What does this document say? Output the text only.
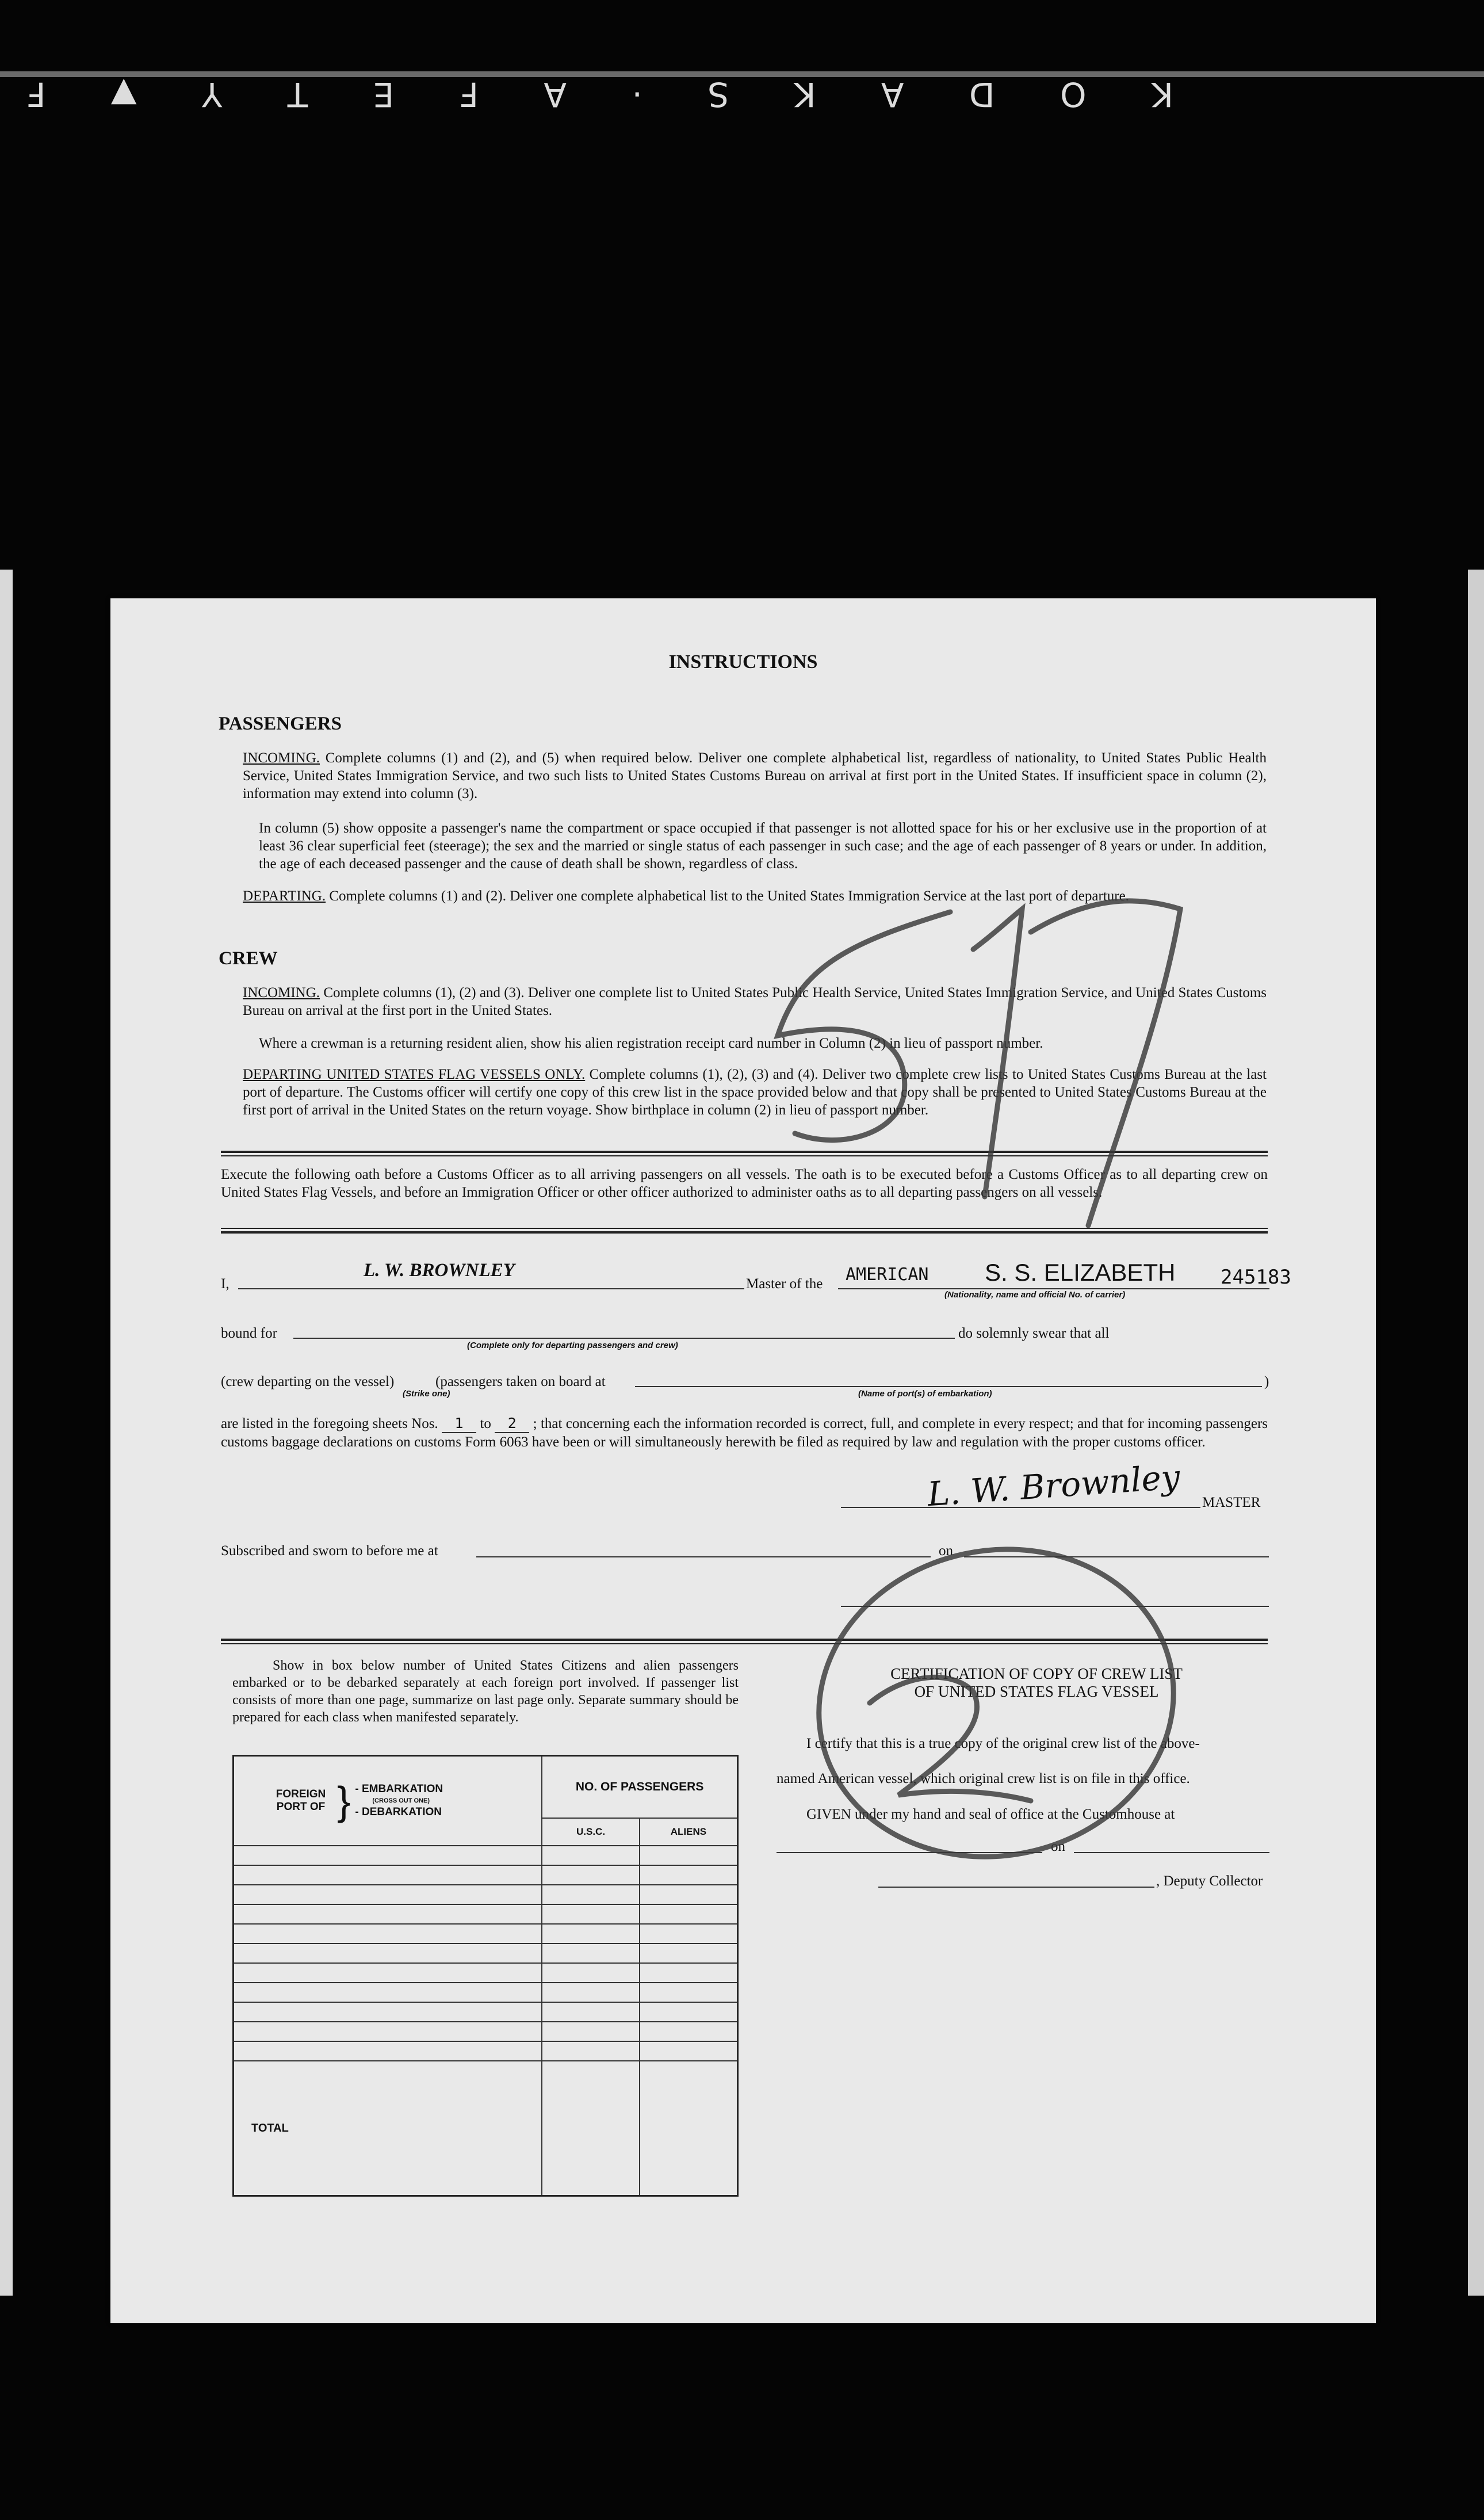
K
O
D
A
K
S
·
A
F
E
T
Y
▼
F
INSTRUCTIONS
PASSENGERS
INCOMING. Complete columns (1) and (2), and (5) when required below. Deliver one complete alphabetical list, regardless of nationality, to United States Public Health Service, United States Immigration Service, and two such lists to United States Customs Bureau on arrival at first port in the United States. If insufficient space in column (2), information may extend into column (3).
In column (5) show opposite a passenger's name the compartment or space occupied if that passenger is not allotted space for his or her exclusive use in the proportion of at least 36 clear superficial feet (steerage); the sex and the married or single status of each passenger in such case; and the age of each passenger of 8 years or under. In addition, the age of each deceased passenger and the cause of death shall be shown, regardless of class.
DEPARTING. Complete columns (1) and (2). Deliver one complete alphabetical list to the United States Immigration Service at the last port of departure.
CREW
INCOMING. Complete columns (1), (2) and (3). Deliver one complete list to United States Public Health Service, United States Immigration Service, and United States Customs Bureau on arrival at the first port in the United States.
Where a crewman is a returning resident alien, show his alien registration receipt card number in Column (2) in lieu of passport number.
DEPARTING UNITED STATES FLAG VESSELS ONLY. Complete columns (1), (2), (3) and (4). Deliver two complete crew lists to United States Customs Bureau at the last port of departure. The Customs officer will certify one copy of this crew list in the space provided below and that copy shall be presented to United States Customs Bureau at the first port of arrival in the United States on the return voyage. Show birthplace in column (2) in lieu of passport number.
Execute the following oath before a Customs Officer as to all arriving passengers on all vessels. The oath is to be executed before a Customs Officer as to all departing crew on United States Flag Vessels, and before an Immigration Officer or other officer authorized to administer oaths as to all departing passengers on all vessels.
I,
L. W. BROWNLEY
Master of the AMERICAN S. S. ELIZABETH 245183
(Nationality, name and official No. of carrier)
bound for
(Complete only for departing passengers and crew)
do solemnly swear that all
(crew departing on the vessel)	(passengers taken on board at	)
(Strike one)	(Name of port(s) of embarkation)
are listed in the foregoing sheets Nos. 1 to 2 ; that concerning each the information recorded is correct, full, and complete in every respect; and that for incoming passengers customs baggage declarations on customs Form 6063 have been or will simultaneously herewith be filed as required by law and regulation with the proper customs officer.
L. W. Brownley MASTER
Subscribed and sworn to before me at	on
Show in box below number of United States Citizens and alien passengers embarked or to be debarked separately at each foreign port involved. If passenger list consists of more than one page, summarize on last page only. Separate summary should be prepared for each class when manifested separately.
FOREIGN PORT OF } - EMBARKATION
(CROSS OUT ONE)
- DEBARKATION	NO. OF PASSENGERS	
	U.S.C.	ALIENS

TOTAL		
CERTIFICATION OF COPY OF CREW LIST
OF UNITED STATES FLAG VESSEL
I certify that this is a true copy of the original crew list of the above-
named American vessel, which original crew list is on file in this office.
GIVEN under my hand and seal of office at the Customhouse at
on
, Deputy Collector
